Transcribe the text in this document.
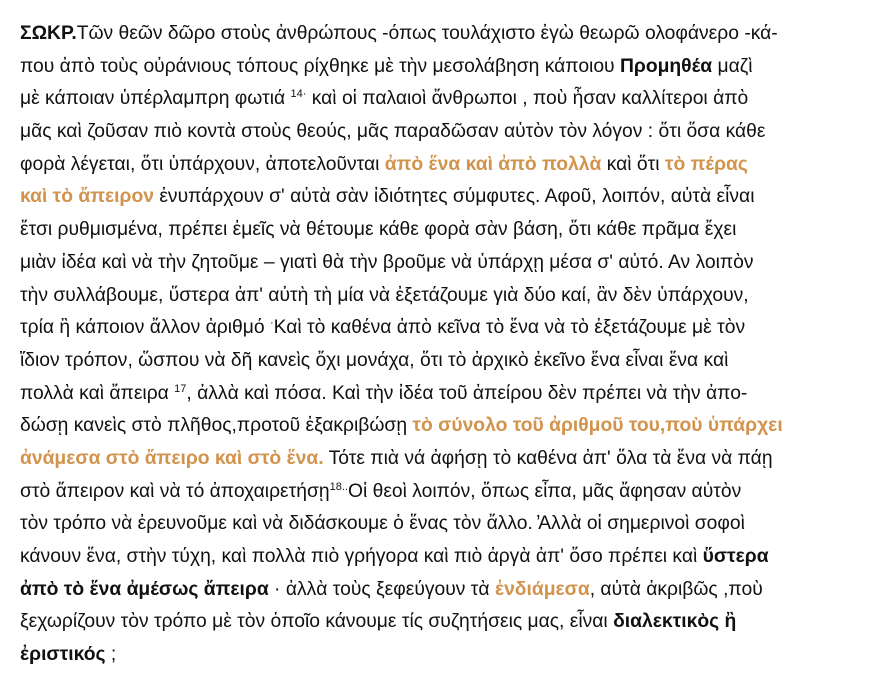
ΣΩΚΡ.Τῶν θεῶν δῶρο στοὺς ἀνθρώπους -όπως τουλάχιστο ἐγὼ θεωρῶ ολοφάνερο -κά-
που ἀπὸ τοὺς οὐράνιους τόπους ρίχθηκε μὲ τὴν μεσολάβηση κάποιου Προμηθέα μαζὶ
μὲ κάποιαν ὑπέρλαμπρη φωτιά $^{14\cdot}$ καὶ οἱ παλαιοὶ ἄνθρωποι , ποὺ ἦσαν καλλίτεροι ἀπὸ
μᾶς καὶ ζοῦσαν πιὸ κοντὰ στοὺς θεούς, μᾶς παραδῶσαν αὐτὸν τὸν λόγον : ὅτι ὅσα κάθε
φορὰ λέγεται, ὅτι ὑπάρχουν, ἀποτελοῦνται ἀπὸ ἕνα καὶ ἀπὸ πολλὰ καὶ ὅτι τὸ πέρας
καὶ τὸ ἄπειρον ἐνυπάρχουν σ' αὐτὰ σὰν ἰδιότητες σύμφυτες. Αφοῦ, λοιπόν, αὐτὰ εἶναι
ἔτσι ρυθμισμένα, πρέπει ἐμεῖς νὰ θέτουμε κάθε φορὰ σὰν βάση, ὅτι κάθε πρᾶμα ἔχει
μιὰν ἰδέα καὶ νὰ τὴν ζητοῦμε – γιατὶ θὰ τὴν βροῦμε νὰ ὑπάρχῃ μέσα σ' αὐτό. Αν λοιπὸν
τὴν συλλάβουμε, ὕστερα ἀπ' αὐτὴ τὴ μία νὰ ἐξετάζουμε γιὰ δύο καί, ἂν δὲν ὑπάρχουν,
τρία ἢ κάποιον ἄλλον ἀριθμό ·Καὶ τὸ καθένα ἀπὸ κεῖνα τὸ ἕνα νὰ τὸ ἐξετάζουμε μὲ τὸν
ἴδιον τρόπον, ὥσπου νὰ δῆ κανεὶς ὄχι μονάχα, ὅτι τὸ ἀρχικὸ ἐκεῖνο ἕνα εἶναι ἕνα καὶ
πολλὰ καὶ ἄπειρα $^{17}$, ἀλλὰ καὶ πόσα. Καὶ τὴν ἰδέα τοῦ ἀπείρου δὲν πρέπει νὰ τὴν ἀπο-
δώσῃ κανεὶς στὸ πλῆθος,προτοῦ ἐξακριβώσῃ τὸ σύνολο τοῦ ἀριθμοῦ του,ποὺ ὑπάρχει
ἀνάμεσα στὸ ἄπειρο καὶ στὸ ἕνα. Τότε πιὰ νά ἀφήσῃ τὸ καθένα ἀπ' ὅλα τὰ ἕνα νὰ πάῃ
στὸ ἄπειρον καὶ νὰ τό ἀποχαιρετήσῃ$^{18..}$Οἱ θεοὶ λοιπόν, ὅπως εἶπα, μᾶς ἄφησαν αὐτὸν
τὸν τρόπο νὰ ἐρευνοῦμε καὶ νὰ διδάσκουμε ὁ ἕνας τὸν ἄλλο. ̓Αλλὰ οἱ σημερινοὶ σοφοὶ
κάνουν ἕνα, στὴν τύχη, καὶ πολλὰ πιὸ γρήγορα καὶ πιὸ ἀργὰ ἀπ' ὅσο πρέπει καὶ ὕστερα
ἀπὸ τὸ ἕνα ἀμέσως ἄπειρα · ἀλλὰ τοὺς ξεφεύγουν τὰ ἐνδιάμεσα, αὐτὰ ἀκριβῶς ,ποὺ
ξεχωρίζουν τὸν τρόπο μὲ τὸν ὁποῖο κάνουμε τίς συζητήσεις μας, εἶναι διαλεκτικὸς ἢ
ἐριστικός ;
